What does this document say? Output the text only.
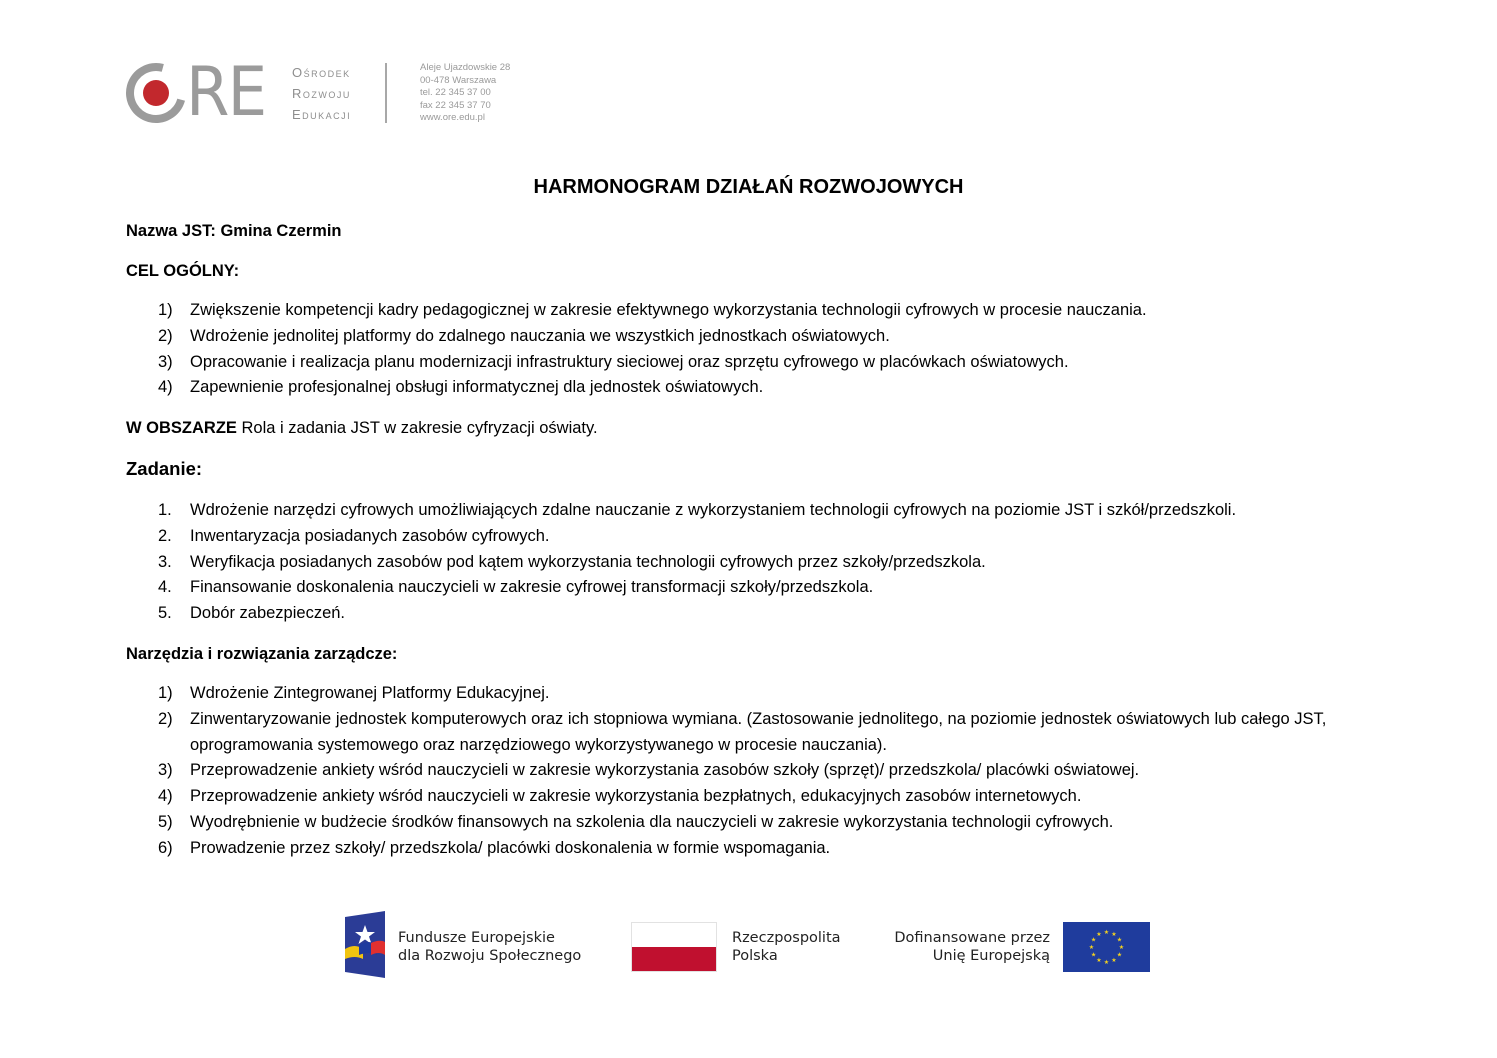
RE Ośrodek
Rozwoju
Edukacji
Aleje Ujazdowskie 28
00-478 Warszawa
tel. 22 345 37 00
fax 22 345 37 70
www.ore.edu.pl
HARMONOGRAM DZIAŁAŃ ROZWOJOWYCH
Nazwa JST: Gmina Czermin
CEL OGÓLNY:
1) Zwiększenie kompetencji kadry pedagogicznej w zakresie efektywnego wykorzystania technologii cyfrowych w procesie nauczania.
2) Wdrożenie jednolitej platformy do zdalnego nauczania we wszystkich jednostkach oświatowych.
3) Opracowanie i realizacja planu modernizacji infrastruktury sieciowej oraz sprzętu cyfrowego w placówkach oświatowych.
4) Zapewnienie profesjonalnej obsługi informatycznej dla jednostek oświatowych.
W OBSZARZE Rola i zadania JST w zakresie cyfryzacji oświaty.
Zadanie:
1. Wdrożenie narzędzi cyfrowych umożliwiających zdalne nauczanie z wykorzystaniem technologii cyfrowych na poziomie JST i szkół/przedszkoli.
2. Inwentaryzacja posiadanych zasobów cyfrowych.
3. Weryfikacja posiadanych zasobów pod kątem wykorzystania technologii cyfrowych przez szkoły/przedszkola.
4. Finansowanie doskonalenia nauczycieli w zakresie cyfrowej transformacji szkoły/przedszkola.
5. Dobór zabezpieczeń.
Narzędzia i rozwiązania zarządcze:
1) Wdrożenie Zintegrowanej Platformy Edukacyjnej.
2) Zinwentaryzowanie jednostek komputerowych oraz ich stopniowa wymiana. (Zastosowanie jednolitego, na poziomie jednostek oświatowych lub całego JST, oprogramowania systemowego oraz narzędziowego wykorzystywanego w procesie nauczania).
3) Przeprowadzenie ankiety wśród nauczycieli w zakresie wykorzystania zasobów szkoły (sprzęt)/ przedszkola/ placówki oświatowej.
4) Przeprowadzenie ankiety wśród nauczycieli w zakresie wykorzystania bezpłatnych, edukacyjnych zasobów internetowych.
5) Wyodrębnienie w budżecie środków finansowych na szkolenia dla nauczycieli w zakresie wykorzystania technologii cyfrowych.
6) Prowadzenie przez szkoły/ przedszkola/ placówki doskonalenia w formie wspomagania.
Fundusze Europejskie
dla Rozwoju Społecznego
Rzeczpospolita
Polska
Dofinansowane przez
Unię Europejską
★ ★
★
★
★
★
★
★
★
★
★
★
